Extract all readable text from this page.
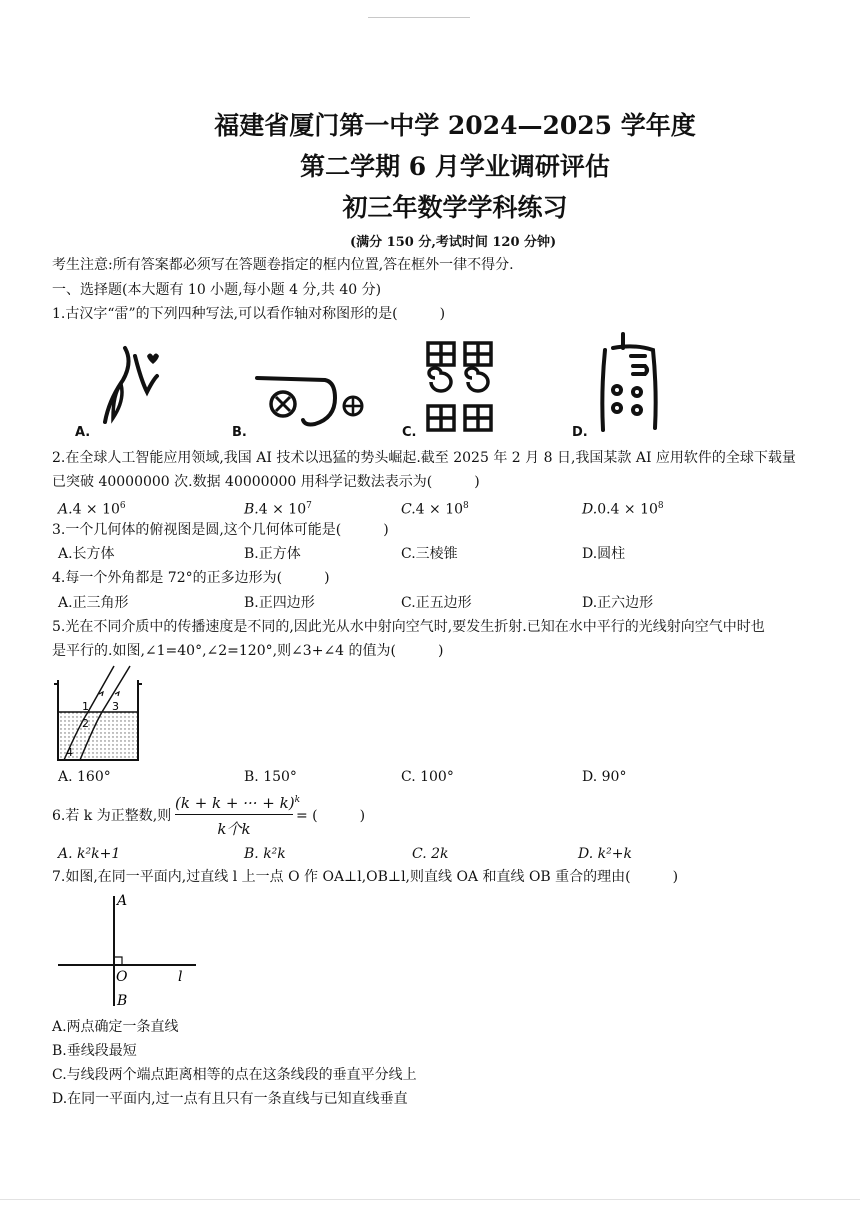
福建省厦门第一中学 2024—2025 学年度
第二学期 6 月学业调研评估
初三年数学学科练习
(满分 150 分,考试时间 120 分钟)
考生注意:所有答案都必须写在答题卷指定的框内位置,答在框外一律不得分.
一、选择题(本大题有 10 小题,每小题 4 分,共 40 分)
1.古汉字“雷”的下列四种写法,可以看作轴对称图形的是(　　　)
A.	B.	C.	D.
2.在全球人工智能应用领域,我国 AI 技术以迅猛的势头崛起.截至 2025 年 2 月 8 日,我国某款 AI 应用软件的全球下载量
已突破 40000000 次.数据 40000000 用科学记数法表示为(　　　)
$A.4 \times 10^6$	$B.4 \times 10^7$	$C.4 \times 10^8$	$D.0.4 \times 10^8$
3.一个几何体的俯视图是圆,这个几何体可能是(　　　)
A.长方体	B.正方体	C.三棱锥	D.圆柱
4.每一个外角都是 72°的正多边形为(　　　)
A.正三角形	B.正四边形	C.正五边形	D.正六边形
5.光在不同介质中的传播速度是不同的,因此光从水中射向空气时,要发生折射.已知在水中平行的光线射向空气中时也
是平行的.如图,∠1=40°,∠2=120°,则∠3+∠4 的值为(　　　)
1
2
3
4
A. 160°	B. 150°	C. 100°	D. 90°
6.若 k 为正整数,则
(k + k + ··· + k)$^k$
k个k
= (　　　)
A. k²k+1	B. k²k	C. 2k	D. k²+k
7.如图,在同一平面内,过直线 l 上一点 O 作 OA⊥l,OB⊥l,则直线 OA 和直线 OB 重合的理由(　　　)
A
O	l
B
A.两点确定一条直线
B.垂线段最短
C.与线段两个端点距离相等的点在这条线段的垂直平分线上
D.在同一平面内,过一点有且只有一条直线与已知直线垂直
